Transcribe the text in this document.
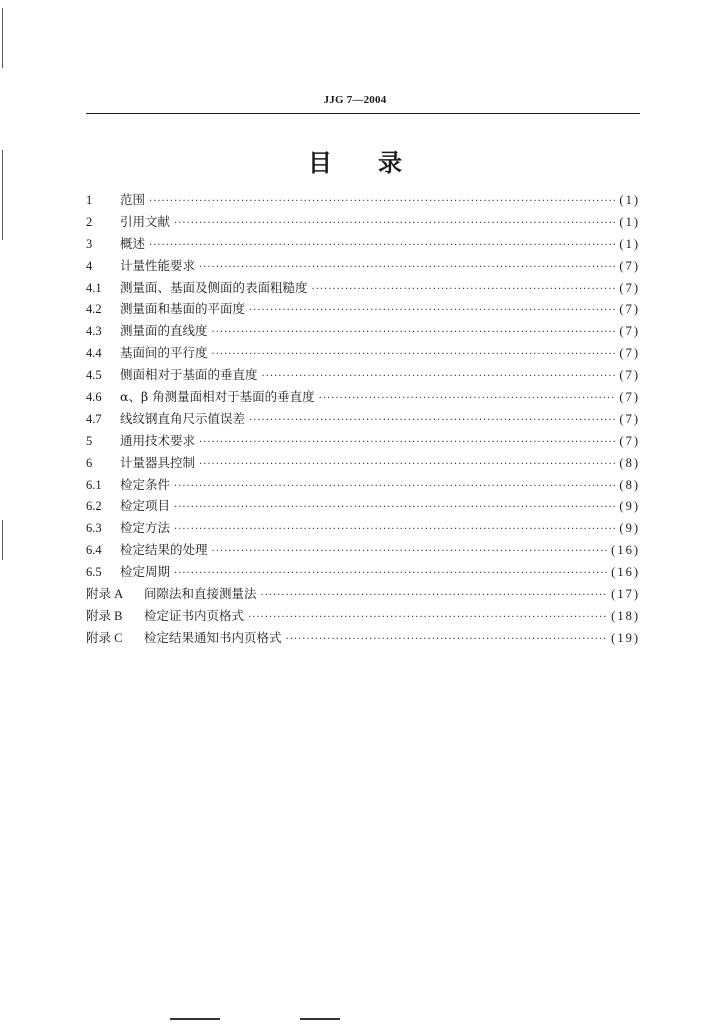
JJG 7—2004
目 录
1	范围 ·····	(1)
2	引用文献 ·····	(1)
3	概述 ·····	(1)
4	计量性能要求 ·····	(7)
4.1	测量面、基面及侧面的表面粗糙度 ·····	(7)
4.2	测量面和基面的平面度 ·····	(7)
4.3	测量面的直线度 ·····	(7)
4.4	基面间的平行度 ·····	(7)
4.5	侧面相对于基面的垂直度 ·····	(7)
4.6	α、β 角测量面相对于基面的垂直度 ·····	(7)
4.7	线纹钢直角尺示值误差 ·····	(7)
5	通用技术要求 ·····	(7)
6	计量器具控制 ·····	(8)
6.1	检定条件 ·····	(8)
6.2	检定项目 ·····	(9)
6.3	检定方法 ·····	(9)
6.4	检定结果的处理 ·····	(16)
6.5	检定周期 ·····	(16)
附录 A	间隙法和直接测量法 ·····	(17)
附录 B	检定证书内页格式 ·····	(18)
附录 C	检定结果通知书内页格式 ·····	(19)
